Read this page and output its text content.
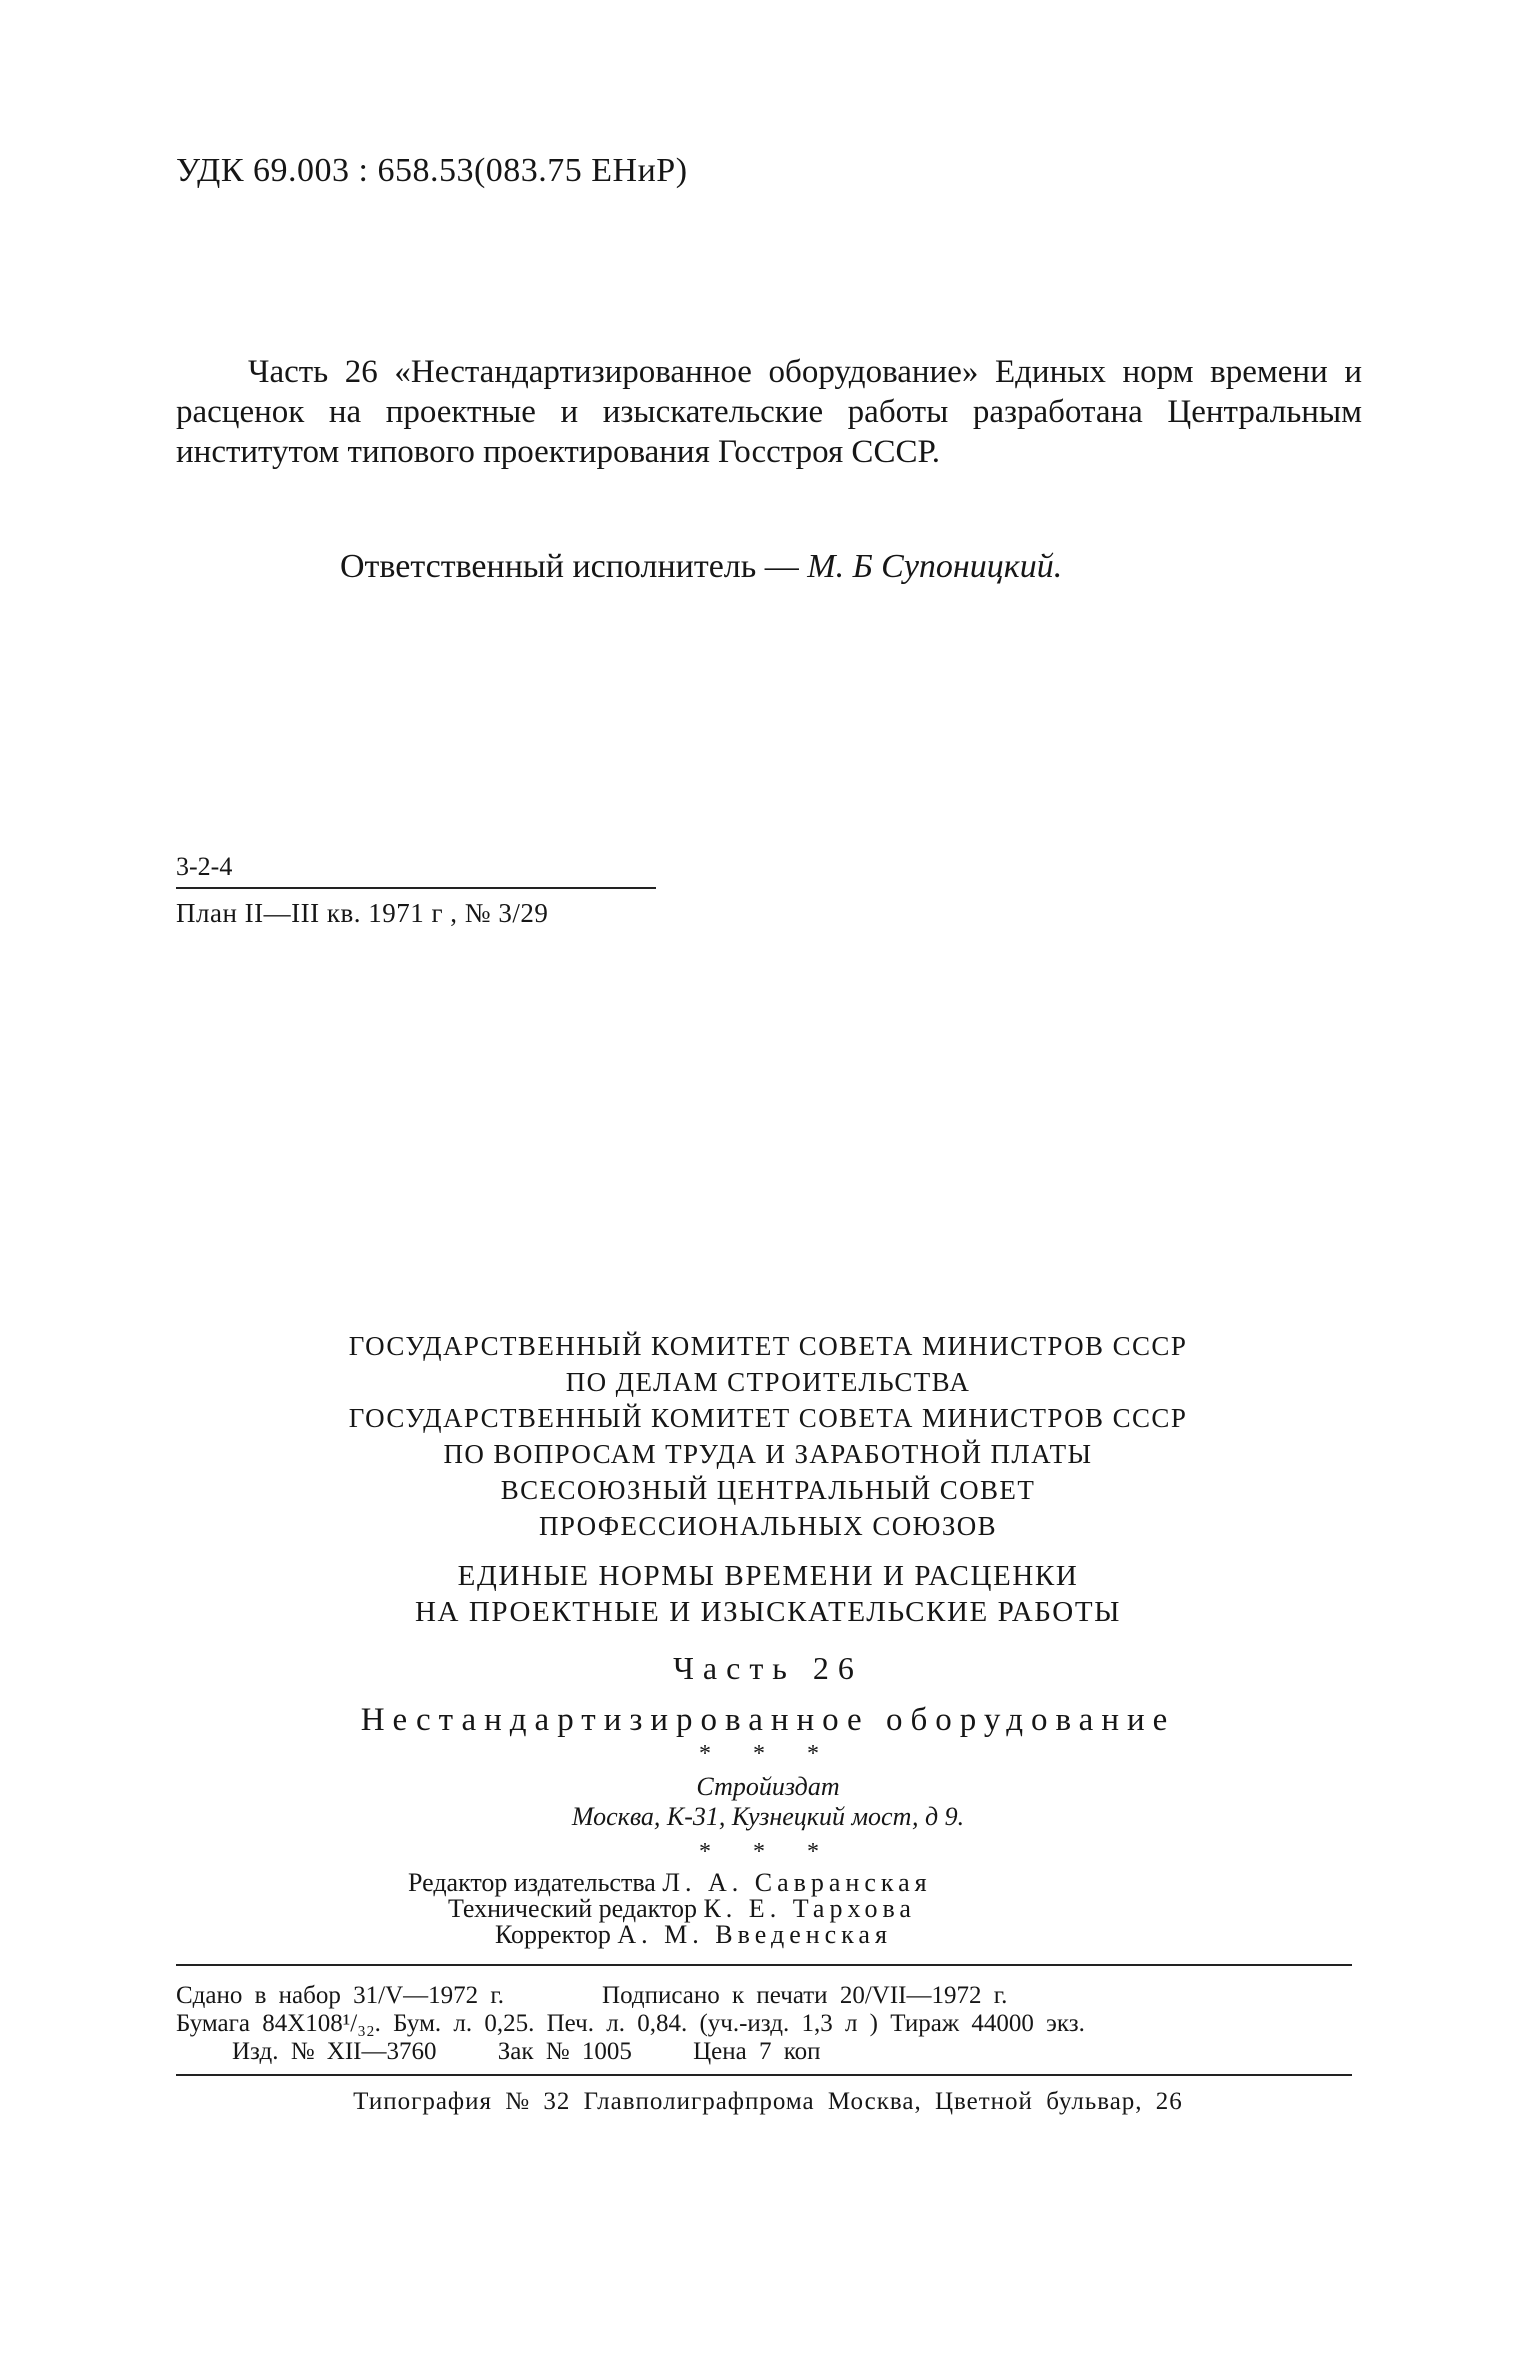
УДК 69.003 : 658.53(083.75 ЕНиР)

Часть 26 «Нестандартизированное оборудование» Единых норм времени и расценок на проектные и изыскательские работы разработана Центральным институтом типового проектирования Госстроя СССР.

Ответственный исполнитель — М. Б Супоницкий.
3-2-4
План II—III кв. 1971 г , № 3/29
ГОСУДАРСТВЕННЫЙ КОМИТЕТ СОВЕТА МИНИСТРОВ СССР
ПО ДЕЛАМ СТРОИТЕЛЬСТВА
ГОСУДАРСТВЕННЫЙ КОМИТЕТ СОВЕТА МИНИСТРОВ СССР
ПО ВОПРОСАМ ТРУДА И ЗАРАБОТНОЙ ПЛАТЫ
ВСЕСОЮЗНЫЙ ЦЕНТРАЛЬНЫЙ СОВЕТ
ПРОФЕССИОНАЛЬНЫХ СОЮЗОВ
ЕДИНЫЕ НОРМЫ ВРЕМЕНИ И РАСЦЕНКИ
НА ПРОЕКТНЫЕ И ИЗЫСКАТЕЛЬСКИЕ РАБОТЫ
Часть 26
Нестандартизированное оборудование
* * *
Стройиздат
Москва, К-31, Кузнецкий мост, д 9.
* * *
Редактор издательства Л. А. Савранская
Технический редактор К. Е. Тархова
Корректор А. М. Введенская
Сдано в набор 31/V—1972 г.        Подписано к печати 20/VII—1972 г.
Бумага 84Х108¹/₃₂. Бум. л. 0,25. Печ. л. 0,84. (уч.-изд. 1,3 л ) Тираж 44000 экз.
Изд. № XII—3760     Зак № 1005     Цена 7 коп
Типография № 32 Главполиграфпрома Москва, Цветной бульвар, 26
